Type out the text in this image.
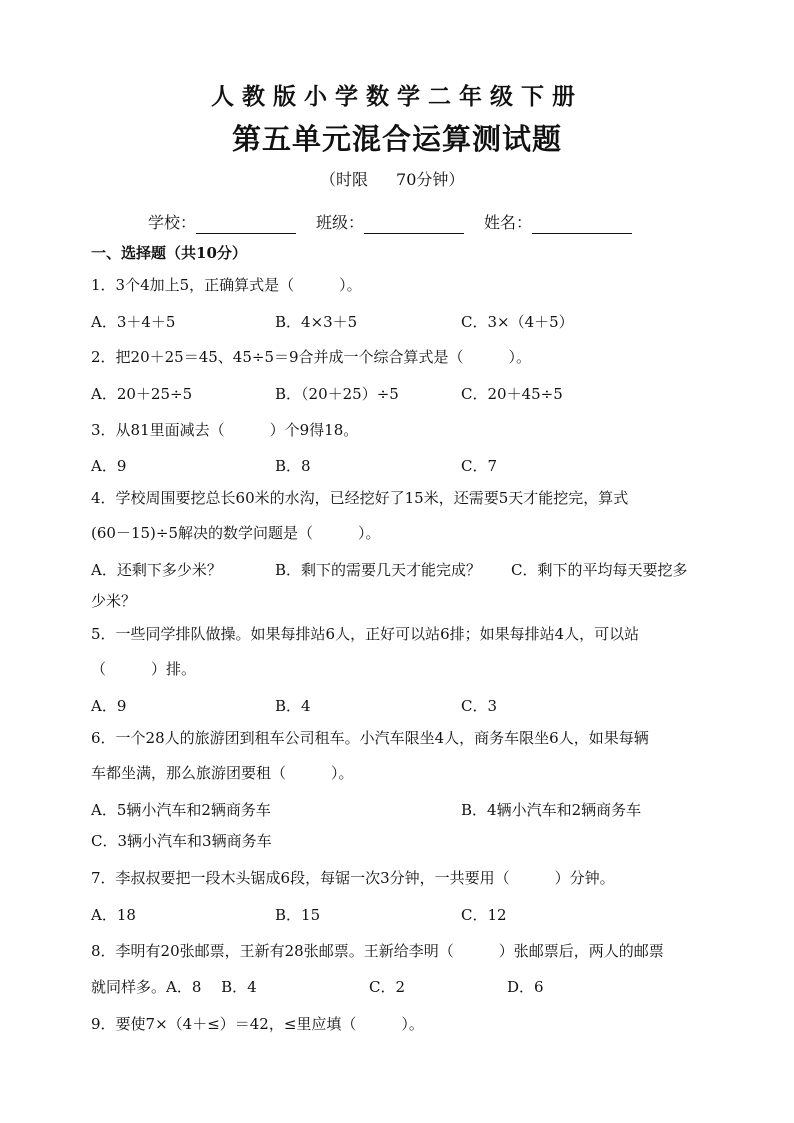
人教版小学数学二年级下册
第五单元混合运算测试题
（时限 70分钟）
学校：	班级：	姓名：
一、选择题（共10分）
1．3个4加上5，正确算式是（　　　）。
A．3＋4＋5	B．4×3＋5	C．3×（4＋5）
2．把20＋25＝45、45÷5＝9合并成一个综合算式是（　　　）。
A．20＋25÷5	B．（20＋25）÷5	C．20＋45÷5
3．从81里面减去（　　　）个9得18。
A．9	B．8	C．7
4．学校周围要挖总长60米的水沟，已经挖好了15米，还需要5天才能挖完，算式
(60－15)÷5解决的数学问题是（　　　）。
A．还剩下多少米？	B．剩下的需要几天才能完成？ C．剩下的平均每天要挖多
少米？
5．一些同学排队做操。如果每排站6人，正好可以站6排；如果每排站4人，可以站
（　　　）排。
A．9	B．4	C．3
6．一个28人的旅游团到租车公司租车。小汽车限坐4人，商务车限坐6人，如果每辆
车都坐满，那么旅游团要租（　　　）。
A．5辆小汽车和2辆商务车	B．4辆小汽车和2辆商务车
C．3辆小汽车和3辆商务车
7．李叔叔要把一段木头锯成6段，每锯一次3分钟，一共要用（　　　）分钟。
A．18	B．15	C．12
8．李明有20张邮票，王新有28张邮票。王新给李明（　　　）张邮票后，两人的邮票
就同样多。A．8　 B．4	C．2	D．6
9．要使7×（4＋≤）＝42，≤里应填（　　　）。
